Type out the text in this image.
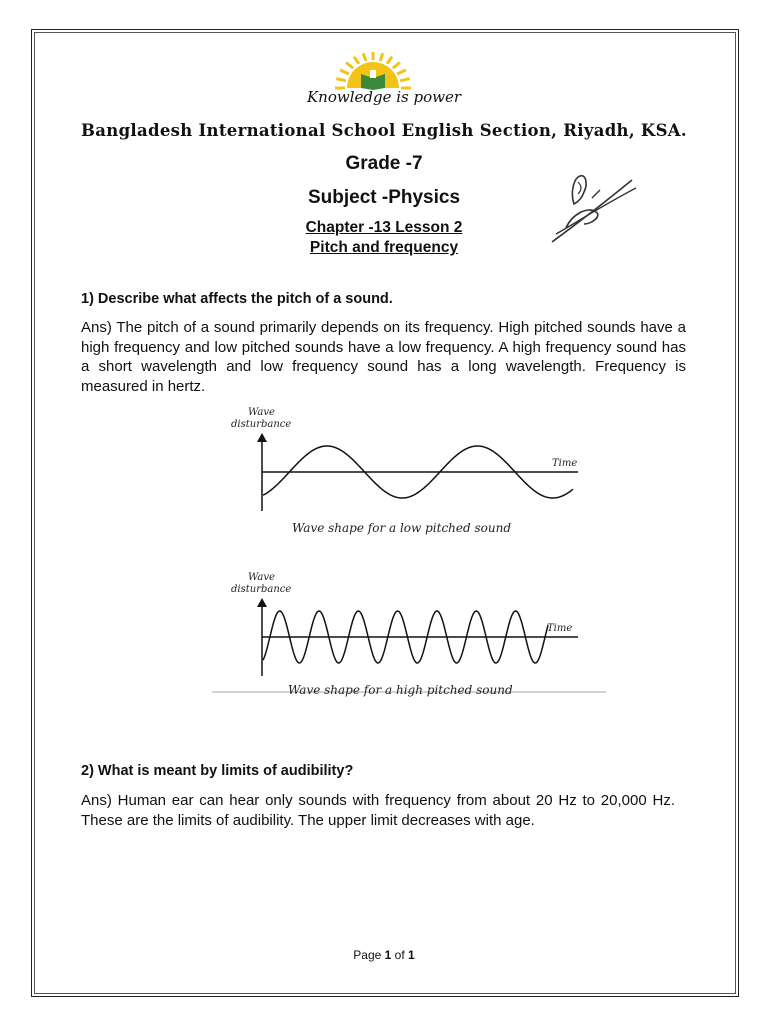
Knowledge is power
Bangladesh International School English Section, Riyadh, KSA.
Grade -7
Subject -Physics
Chapter -13 Lesson 2
Pitch and frequency
1) Describe what affects the pitch of a sound.
Ans) The pitch of a sound primarily depends on its frequency. High pitched sounds have a high frequency and low pitched sounds have a low frequency. A high frequency sound has a short wavelength and low frequency sound has a long wavelength. Frequency is measured in hertz.
Wave
disturbance
Time
Wave shape for a low pitched sound
Wave
disturbance
Time
Wave shape for a high pitched sound
2) What is meant by limits of audibility?
Ans) Human ear can hear only sounds with frequency from about 20 Hz to 20,000 Hz. These are the limits of audibility. The upper limit decreases with age.
Page 1 of 1
